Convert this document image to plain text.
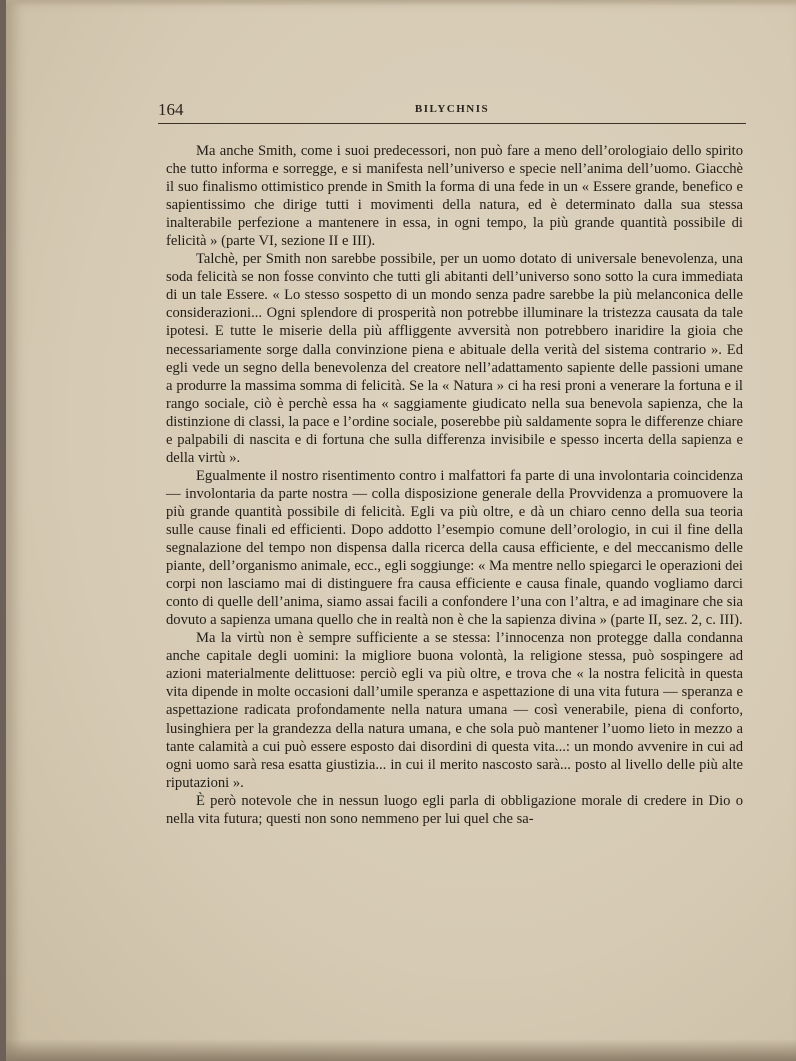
164	BILYCHNIS

Ma anche Smith, come i suoi predecessori, non può fare a meno dell’orologiaio dello spirito che tutto informa e sorregge, e si manifesta nell’universo e specie nell’anima dell’uomo. Giacchè il suo finalismo ottimistico prende in Smith la forma di una fede in un « Essere grande, benefico e sapientissimo che dirige tutti i movimenti della natura, ed è determinato dalla sua stessa inalterabile perfezione a mantenere in essa, in ogni tempo, la più grande quantità possibile di felicità » (parte VI, sezione II e III).

Talchè, per Smith non sarebbe possibile, per un uomo dotato di universale benevolenza, una soda felicità se non fosse convinto che tutti gli abitanti dell’universo sono sotto la cura immediata di un tale Essere. « Lo stesso sospetto di un mondo senza padre sarebbe la più melanconica delle considerazioni... Ogni splendore di prosperità non potrebbe illuminare la tristezza causata da tale ipotesi. E tutte le miserie della più affliggente avversità non potrebbero inaridire la gioia che necessariamente sorge dalla convinzione piena e abituale della verità del sistema contrario ». Ed egli vede un segno della benevolenza del creatore nell’adattamento sapiente delle passioni umane a produrre la massima somma di felicità. Se la « Natura » ci ha resi proni a venerare la fortuna e il rango sociale, ciò è perchè essa ha « saggiamente giudicato nella sua benevola sapienza, che la distinzione di classi, la pace e l’ordine sociale, poserebbe più saldamente sopra le differenze chiare e palpabili di nascita e di fortuna che sulla differenza invisibile e spesso incerta della sapienza e della virtù ».

Egualmente il nostro risentimento contro i malfattori fa parte di una involontaria coincidenza — involontaria da parte nostra — colla disposizione generale della Provvidenza a promuovere la più grande quantità possibile di felicità. Egli va più oltre, e dà un chiaro cenno della sua teoria sulle cause finali ed efficienti. Dopo addotto l’esempio comune dell’orologio, in cui il fine della segnalazione del tempo non dispensa dalla ricerca della causa efficiente, e del meccanismo delle piante, dell’organismo animale, ecc., egli soggiunge: « Ma mentre nello spiegarci le operazioni dei corpi non lasciamo mai di distinguere fra causa efficiente e causa finale, quando vogliamo darci conto di quelle dell’anima, siamo assai facili a confondere l’una con l’altra, e ad imaginare che sia dovuto a sapienza umana quello che in realtà non è che la sapienza divina » (parte II, sez. 2, c. III).

Ma la virtù non è sempre sufficiente a se stessa: l’innocenza non protegge dalla condanna anche capitale degli uomini: la migliore buona volontà, la religione stessa, può sospingere ad azioni materialmente delittuose: perciò egli va più oltre, e trova che « la nostra felicità in questa vita dipende in molte occasioni dall’umile speranza e aspettazione di una vita futura — speranza e aspettazione radicata profondamente nella natura umana — così venerabile, piena di conforto, lusinghiera per la grandezza della natura umana, e che sola può mantener l’uomo lieto in mezzo a tante calamità a cui può essere esposto dai disordini di questa vita...: un mondo avvenire in cui ad ogni uomo sarà resa esatta giustizia... in cui il merito nascosto sarà... posto al livello delle più alte riputazioni ».

È però notevole che in nessun luogo egli parla di obbligazione morale di credere in Dio o nella vita futura; questi non sono nemmeno per lui quel che sa-
